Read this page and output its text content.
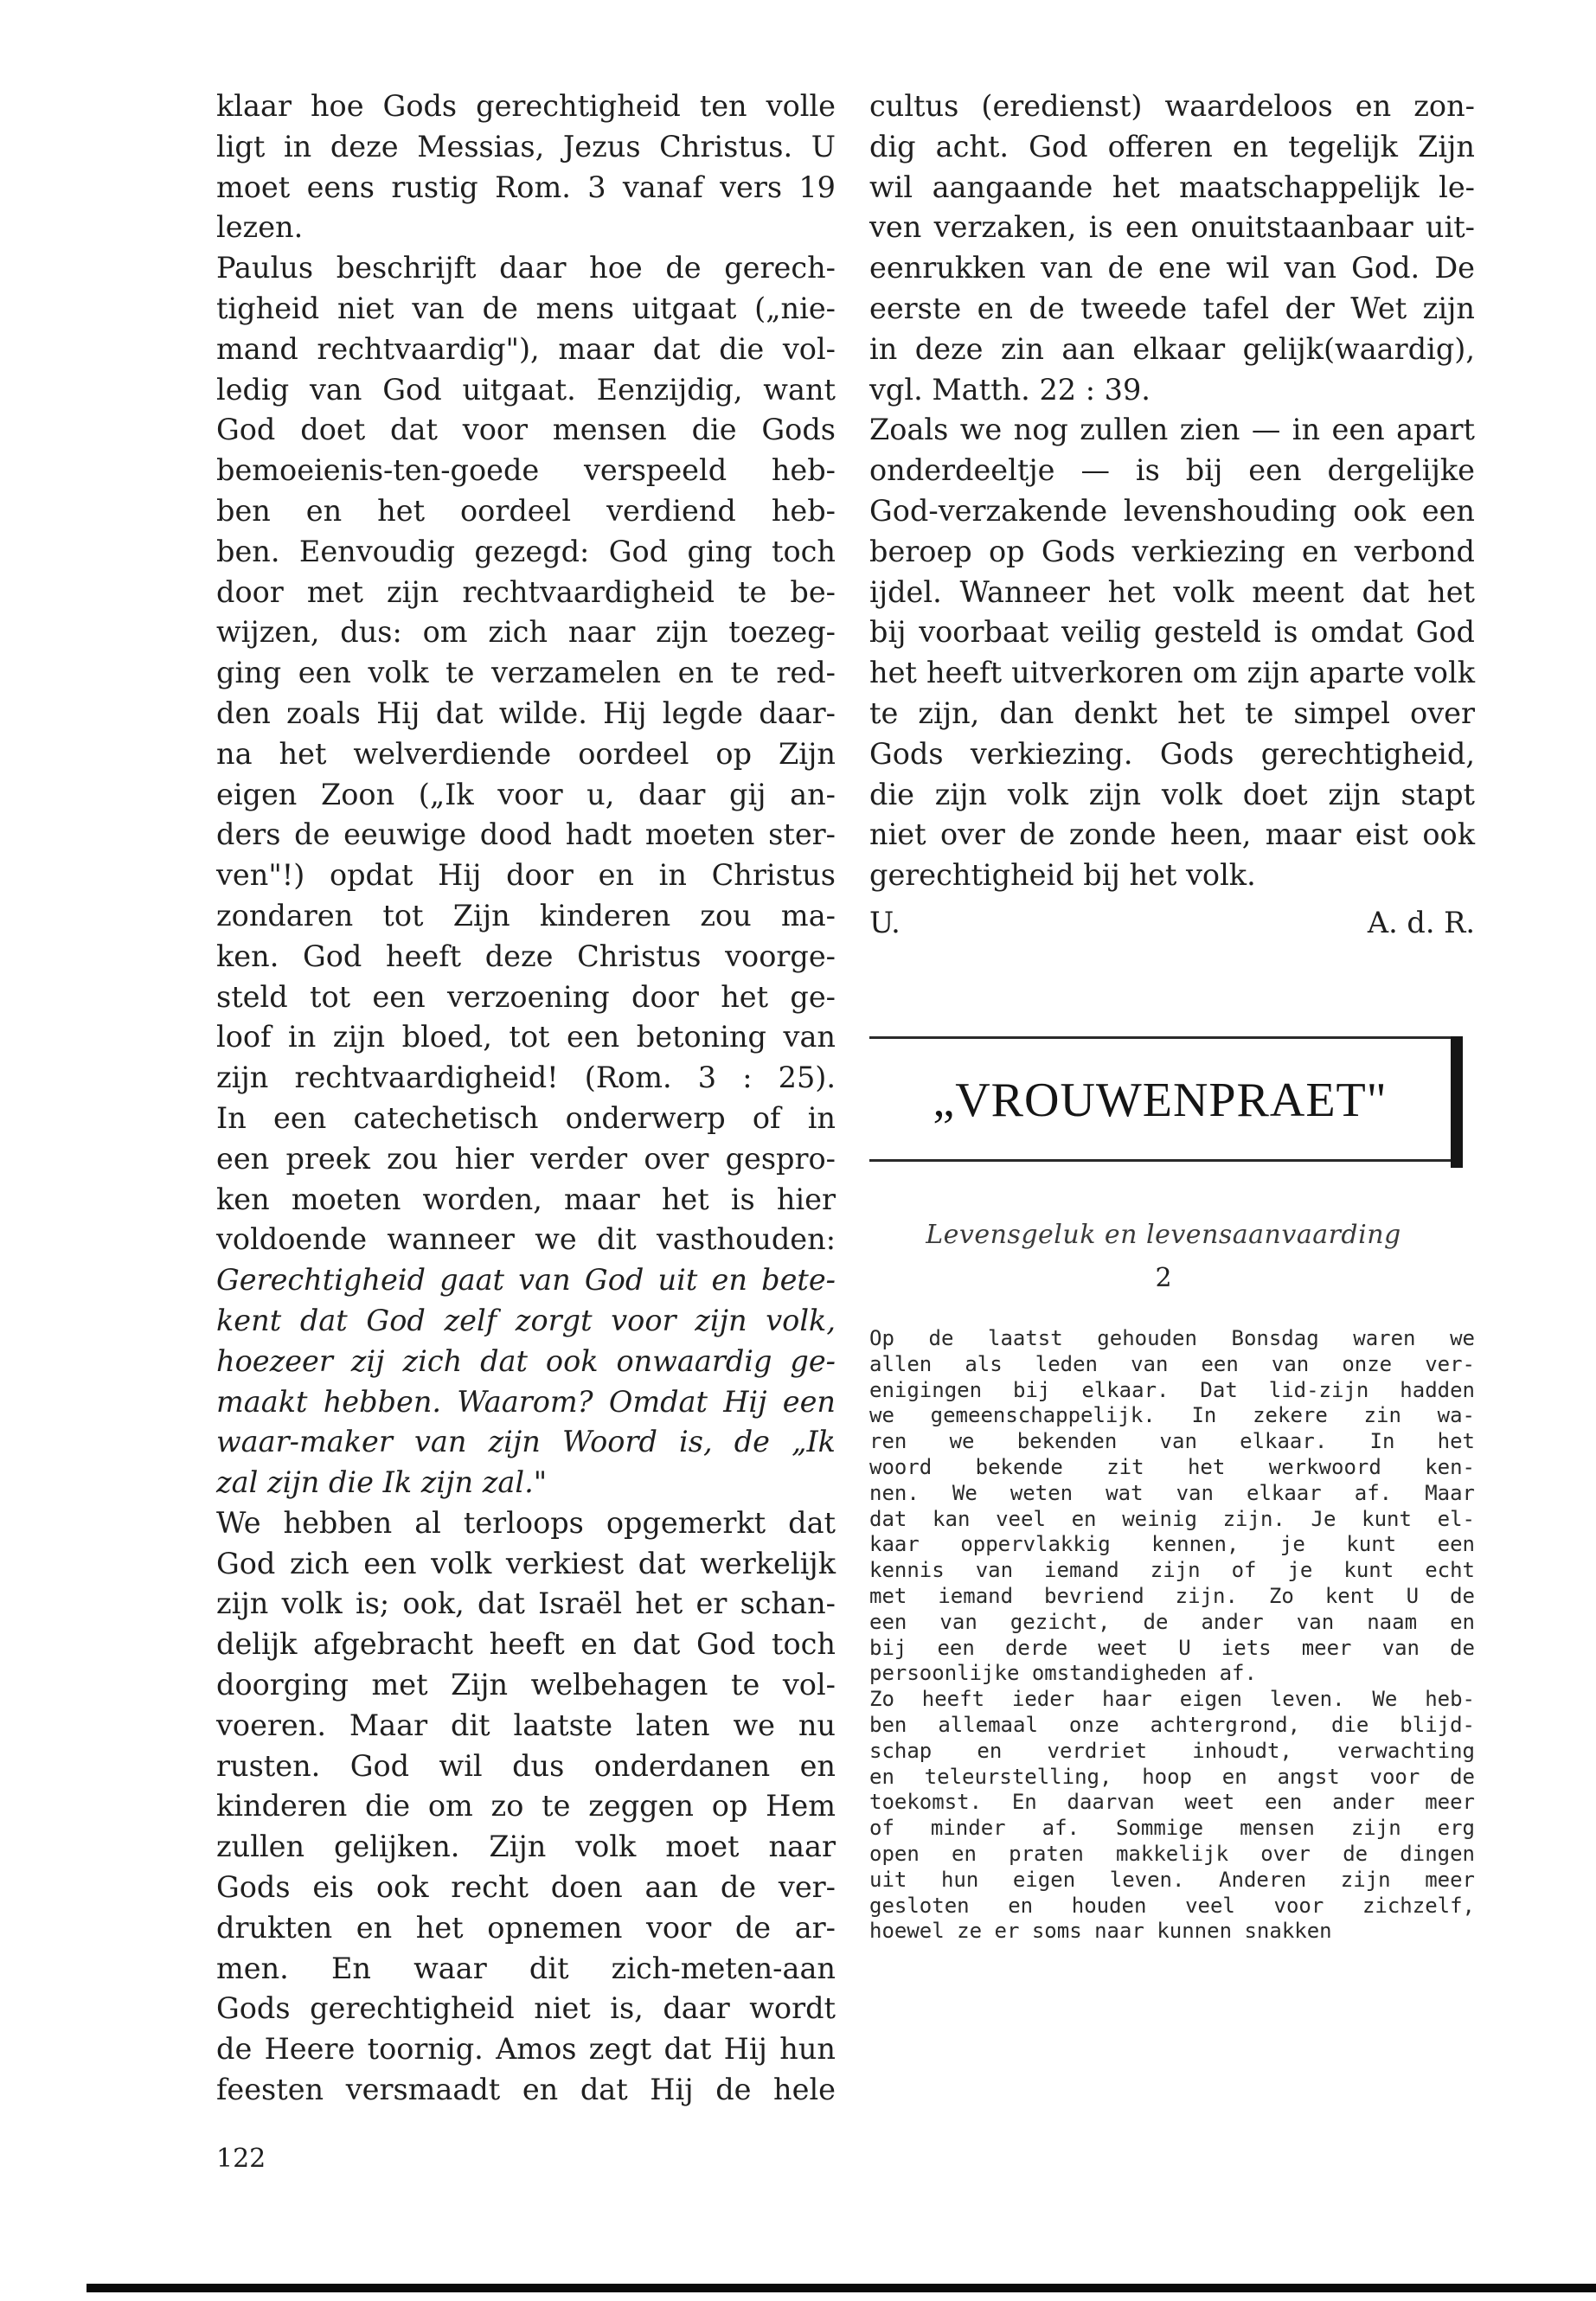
klaar hoe Gods gerechtigheid ten volle
ligt in deze Messias, Jezus Christus. U
moet eens rustig Rom. 3 vanaf vers 19
lezen.
Paulus beschrijft daar hoe de gerech-
tigheid niet van de mens uitgaat („nie-
mand rechtvaardig"), maar dat die vol-
ledig van God uitgaat. Eenzijdig, want
God doet dat voor mensen die Gods
bemoeienis-ten-goede verspeeld heb-
ben en het oordeel verdiend heb-
ben. Eenvoudig gezegd: God ging toch
door met zijn rechtvaardigheid te be-
wijzen, dus: om zich naar zijn toezeg-
ging een volk te verzamelen en te red-
den zoals Hij dat wilde. Hij legde daar-
na het welverdiende oordeel op Zijn
eigen Zoon („Ik voor u, daar gij an-
ders de eeuwige dood hadt moeten ster-
ven"!) opdat Hij door en in Christus
zondaren tot Zijn kinderen zou ma-
ken. God heeft deze Christus voorge-
steld tot een verzoening door het ge-
loof in zijn bloed, tot een betoning van
zijn rechtvaardigheid! (Rom. 3 : 25).
In een catechetisch onderwerp of in
een preek zou hier verder over gespro-
ken moeten worden, maar het is hier
voldoende wanneer we dit vasthouden:
Gerechtigheid gaat van God uit en bete-
kent dat God zelf zorgt voor zijn volk,
hoezeer zij zich dat ook onwaardig ge-
maakt hebben. Waarom? Omdat Hij een
waar-maker van zijn Woord is, de „Ik
zal zijn die Ik zijn zal."
We hebben al terloops opgemerkt dat
God zich een volk verkiest dat werkelijk
zijn volk is; ook, dat Israël het er schan-
delijk afgebracht heeft en dat God toch
doorging met Zijn welbehagen te vol-
voeren. Maar dit laatste laten we nu
rusten. God wil dus onderdanen en
kinderen die om zo te zeggen op Hem
zullen gelijken. Zijn volk moet naar
Gods eis ook recht doen aan de ver-
drukten en het opnemen voor de ar-
men. En waar dit zich-meten-aan
Gods gerechtigheid niet is, daar wordt
de Heere toornig. Amos zegt dat Hij hun
feesten versmaadt en dat Hij de hele
cultus (eredienst) waardeloos en zon-
dig acht. God offeren en tegelijk Zijn
wil aangaande het maatschappelijk le-
ven verzaken, is een onuitstaanbaar uit-
eenrukken van de ene wil van God. De
eerste en de tweede tafel der Wet zijn
in deze zin aan elkaar gelijk(waardig),
vgl. Matth. 22 : 39.
Zoals we nog zullen zien — in een apart
onderdeeltje — is bij een dergelijke
God-verzakende levenshouding ook een
beroep op Gods verkiezing en verbond
ijdel. Wanneer het volk meent dat het
bij voorbaat veilig gesteld is omdat God
het heeft uitverkoren om zijn aparte volk
te zijn, dan denkt het te simpel over
Gods verkiezing. Gods gerechtigheid,
die zijn volk zijn volk doet zijn stapt
niet over de zonde heen, maar eist ook
gerechtigheid bij het volk.
U.	A. d. R.
„VROUWENPRAET"
Levensgeluk en levensaanvaarding
2
Op de laatst gehouden Bonsdag waren we
allen als leden van een van onze ver-
enigingen bij elkaar. Dat lid-zijn hadden
we gemeenschappelijk. In zekere zin wa-
ren we bekenden van elkaar. In het
woord bekende zit het werkwoord ken-
nen. We weten wat van elkaar af. Maar
dat kan veel en weinig zijn. Je kunt el-
kaar oppervlakkig kennen, je kunt een
kennis van iemand zijn of je kunt echt
met iemand bevriend zijn. Zo kent U de
een van gezicht, de ander van naam en
bij een derde weet U iets meer van de
persoonlijke omstandigheden af.
Zo heeft ieder haar eigen leven. We heb-
ben allemaal onze achtergrond, die blijd-
schap en verdriet inhoudt, verwachting
en teleurstelling, hoop en angst voor de
toekomst. En daarvan weet een ander meer
of minder af. Sommige mensen zijn erg
open en praten makkelijk over de dingen
uit hun eigen leven. Anderen zijn meer
gesloten en houden veel voor zichzelf,
hoewel ze er soms naar kunnen snakken
122
